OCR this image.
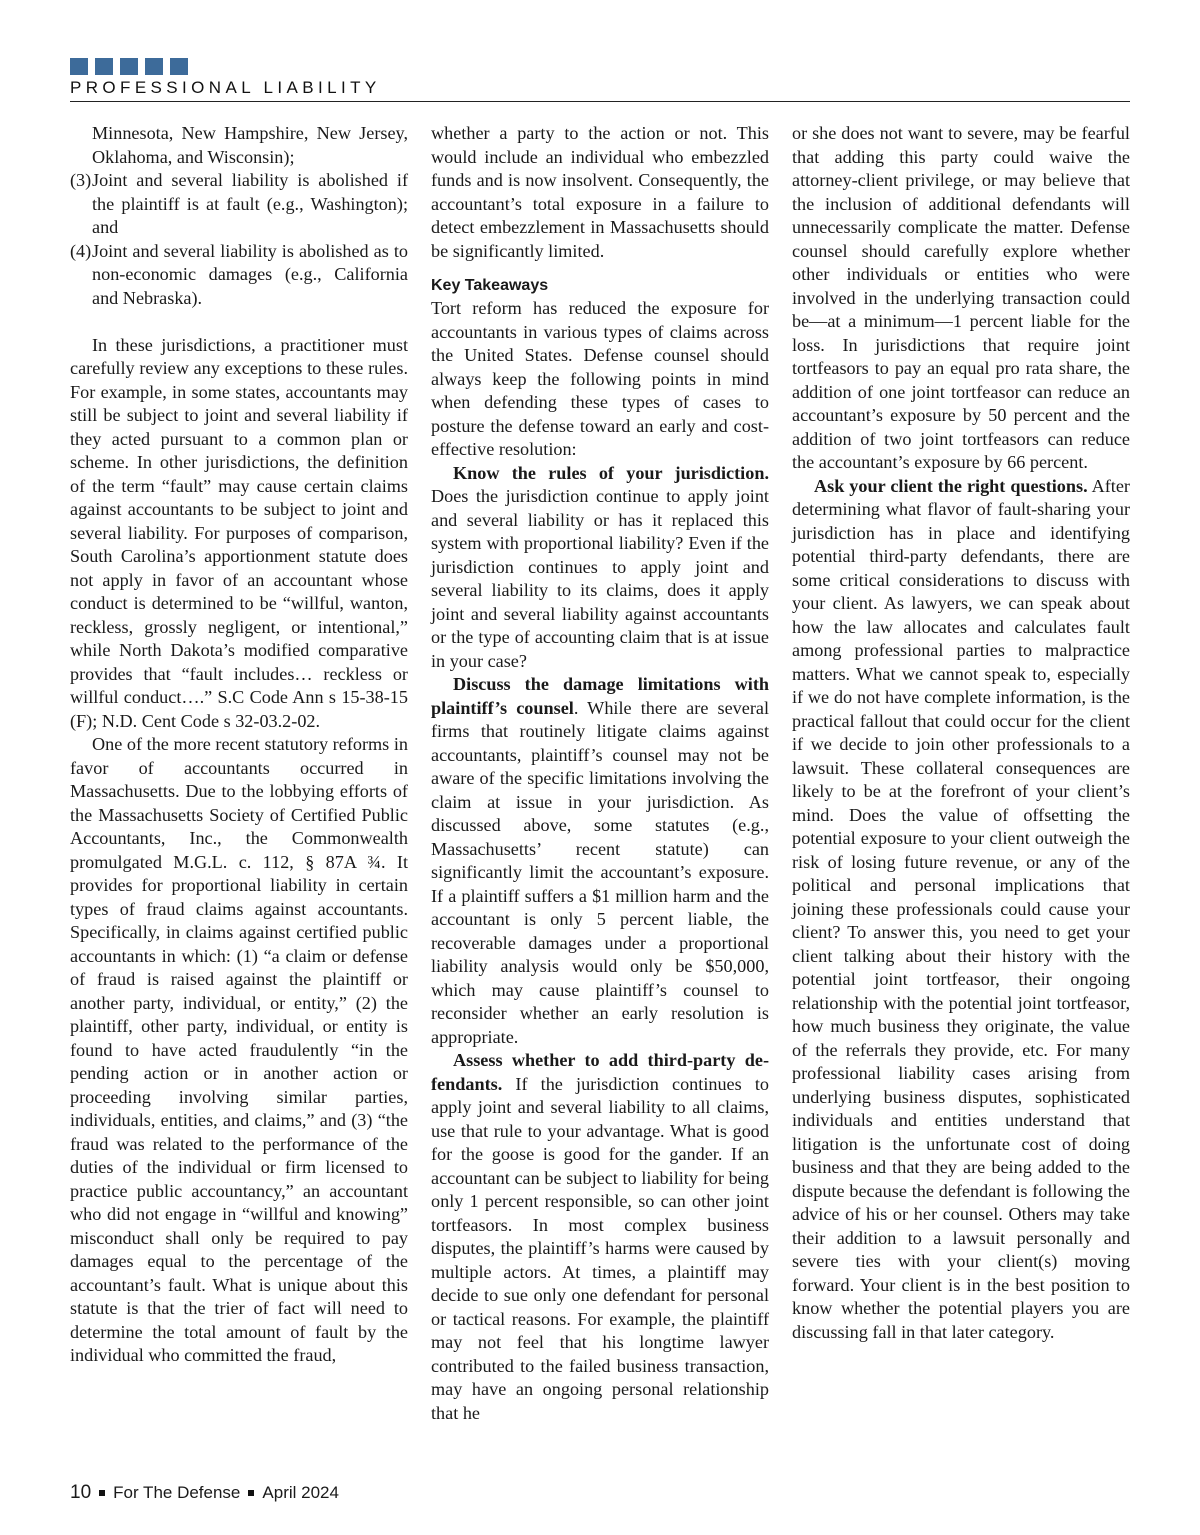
PROFESSIONAL LIABILITY

Minnesota, New Hampshire, New Jersey, Oklahoma, and Wisconsin);

(3) Joint and several liability is abolished if the plaintiff is at fault (e.g., Washington); and
(4) Joint and several liability is abolished as to non-economic damages (e.g., California and Nebraska).

In these jurisdictions, a practitioner must carefully review any exceptions to these rules. For example, in some states, accountants may still be subject to joint and several liability if they acted pursuant to a common plan or scheme. In other jurisdictions, the definition of the term “fault” may cause certain claims against accountants to be subject to joint and several liability. For purposes of comparison, South Carolina’s apportionment statute does not apply in favor of an accountant whose conduct is determined to be “willful, wanton, reckless, grossly negligent, or intentional,” while North Dakota’s modified comparative provides that “fault includes… reckless or willful conduct….” S.C Code Ann s 15-38-15 (F); N.D. Cent Code s 32-03.2-02.

One of the more recent statutory reforms in favor of accountants occurred in Massachusetts. Due to the lobbying efforts of the Massachusetts Society of Certified Public Accountants, Inc., the Commonwealth promulgated M.G.L. c. 112, § 87A ¾. It provides for proportional liability in certain types of fraud claims against accountants. Specifically, in claims against certified public accountants in which: (1) “a claim or defense of fraud is raised against the plaintiff or another party, individual, or entity,” (2) the plaintiff, other party, individual, or entity is found to have acted fraudulently “in the pending action or in another action or proceeding involving similar parties, individuals, entities, and claims,” and (3) “the fraud was related to the performance of the duties of the individual or firm licensed to practice public accountancy,” an accountant who did not engage in “willful and knowing” misconduct shall only be required to pay damages equal to the percentage of the accountant’s fault. What is unique about this statute is that the trier of fact will need to determine the total amount of fault by the individual who committed the fraud,

whether a party to the action or not. This would include an individual who embezzled funds and is now insolvent. Consequently, the accountant’s total exposure in a failure to detect embezzlement in Massachusetts should be significantly limited.

Key Takeaways

Tort reform has reduced the exposure for accountants in various types of claims across the United States. Defense counsel should always keep the following points in mind when defending these types of cases to posture the defense toward an early and cost-effective resolution:

Know the rules of your jurisdiction. Does the jurisdiction continue to apply joint and several liability or has it replaced this system with proportional liability? Even if the jurisdiction continues to apply joint and several liability to its claims, does it apply joint and several liability against accountants or the type of accounting claim that is at issue in your case?

Discuss the damage limitations with plaintiff’s counsel. While there are several firms that routinely litigate claims against accountants, plaintiff’s counsel may not be aware of the specific limitations involving the claim at issue in your jurisdiction. As discussed above, some statutes (e.g., Massachusetts’ recent statute) can significantly limit the accountant’s exposure. If a plaintiff suffers a $1 million harm and the accountant is only 5 percent liable, the recoverable damages under a proportional liability analysis would only be $50,000, which may cause plaintiff’s counsel to reconsider whether an early resolution is appropriate.

Assess whether to add third-party defendants. If the jurisdiction continues to apply joint and several liability to all claims, use that rule to your advantage. What is good for the goose is good for the gander. If an accountant can be subject to liability for being only 1 percent responsible, so can other joint tortfeasors. In most complex business disputes, the plaintiff’s harms were caused by multiple actors. At times, a plaintiff may decide to sue only one defendant for personal or tactical reasons. For example, the plaintiff may not feel that his longtime lawyer contributed to the failed business transaction, may have an ongoing personal relationship that he

or she does not want to severe, may be fearful that adding this party could waive the attorney-client privilege, or may believe that the inclusion of additional defendants will unnecessarily complicate the matter. Defense counsel should carefully explore whether other individuals or entities who were involved in the underlying transaction could be—at a minimum—1 percent liable for the loss. In jurisdictions that require joint tortfeasors to pay an equal pro rata share, the addition of one joint tortfeasor can reduce an accountant’s exposure by 50 percent and the addition of two joint tortfeasors can reduce the accountant’s exposure by 66 percent.

Ask your client the right questions. After determining what flavor of fault-sharing your jurisdiction has in place and identifying potential third-party defendants, there are some critical considerations to discuss with your client. As lawyers, we can speak about how the law allocates and calculates fault among professional parties to malpractice matters. What we cannot speak to, especially if we do not have complete information, is the practical fallout that could occur for the client if we decide to join other professionals to a lawsuit. These collateral consequences are likely to be at the forefront of your client’s mind. Does the value of offsetting the potential exposure to your client outweigh the risk of losing future revenue, or any of the political and personal implications that joining these professionals could cause your client? To answer this, you need to get your client talking about their history with the potential joint tortfeasor, their ongoing relationship with the potential joint tortfeasor, how much business they originate, the value of the referrals they provide, etc. For many professional liability cases arising from underlying business disputes, sophisticated individuals and entities understand that litigation is the unfortunate cost of doing business and that they are being added to the dispute because the defendant is following the advice of his or her counsel. Others may take their addition to a lawsuit personally and severe ties with your client(s) moving forward. Your client is in the best position to know whether the potential players you are discussing fall in that later category.

10 For The Defense April 2024
